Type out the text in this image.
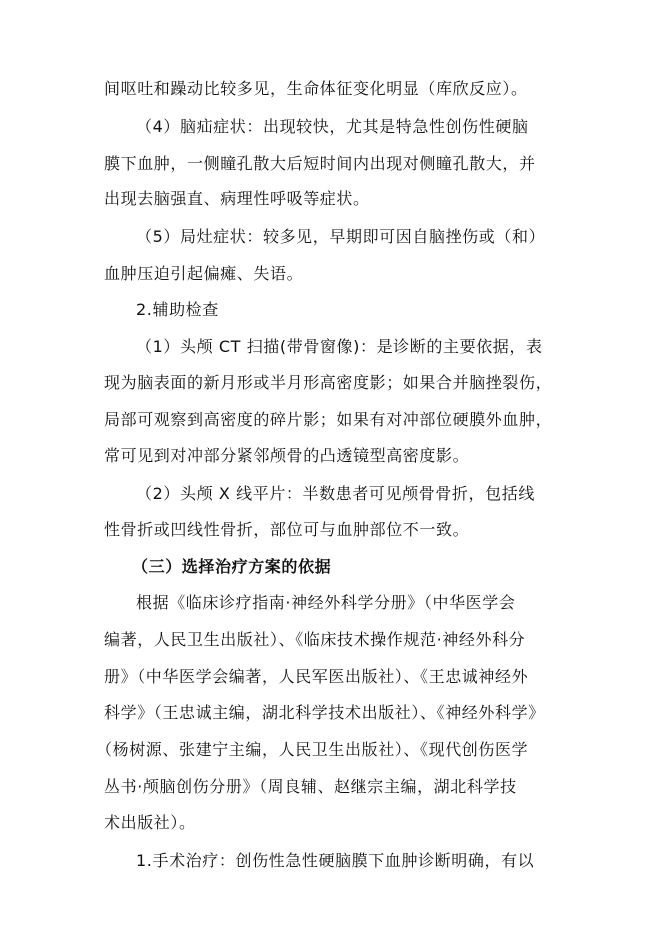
间呕吐和躁动比较多见，生命体征变化明显（库欣反应）。
（4）脑疝症状：出现较快，尤其是特急性创伤性硬脑
膜下血肿，一侧瞳孔散大后短时间内出现对侧瞳孔散大，并
出现去脑强直、病理性呼吸等症状。
（5）局灶症状：较多见，早期即可因自脑挫伤或（和）
血肿压迫引起偏瘫、失语。
2.辅助检查
（1）头颅 CT 扫描(带骨窗像)：是诊断的主要依据，表
现为脑表面的新月形或半月形高密度影；如果合并脑挫裂伤，
局部可观察到高密度的碎片影；如果有对冲部位硬膜外血肿，
常可见到对冲部分紧邻颅骨的凸透镜型高密度影。
（2）头颅 X 线平片：半数患者可见颅骨骨折，包括线
性骨折或凹线性骨折，部位可与血肿部位不一致。
（三）选择治疗方案的依据
根据《临床诊疗指南·神经外科学分册》（中华医学会
编著，人民卫生出版社）、《临床技术操作规范·神经外科分
册》（中华医学会编著，人民军医出版社）、《王忠诚神经外
科学》（王忠诚主编，湖北科学技术出版社）、《神经外科学》
（杨树源、张建宁主编，人民卫生出版社）、《现代创伤医学
丛书·颅脑创伤分册》（周良辅、赵继宗主编，湖北科学技
术出版社）。
1.手术治疗：创伤性急性硬脑膜下血肿诊断明确，有以
